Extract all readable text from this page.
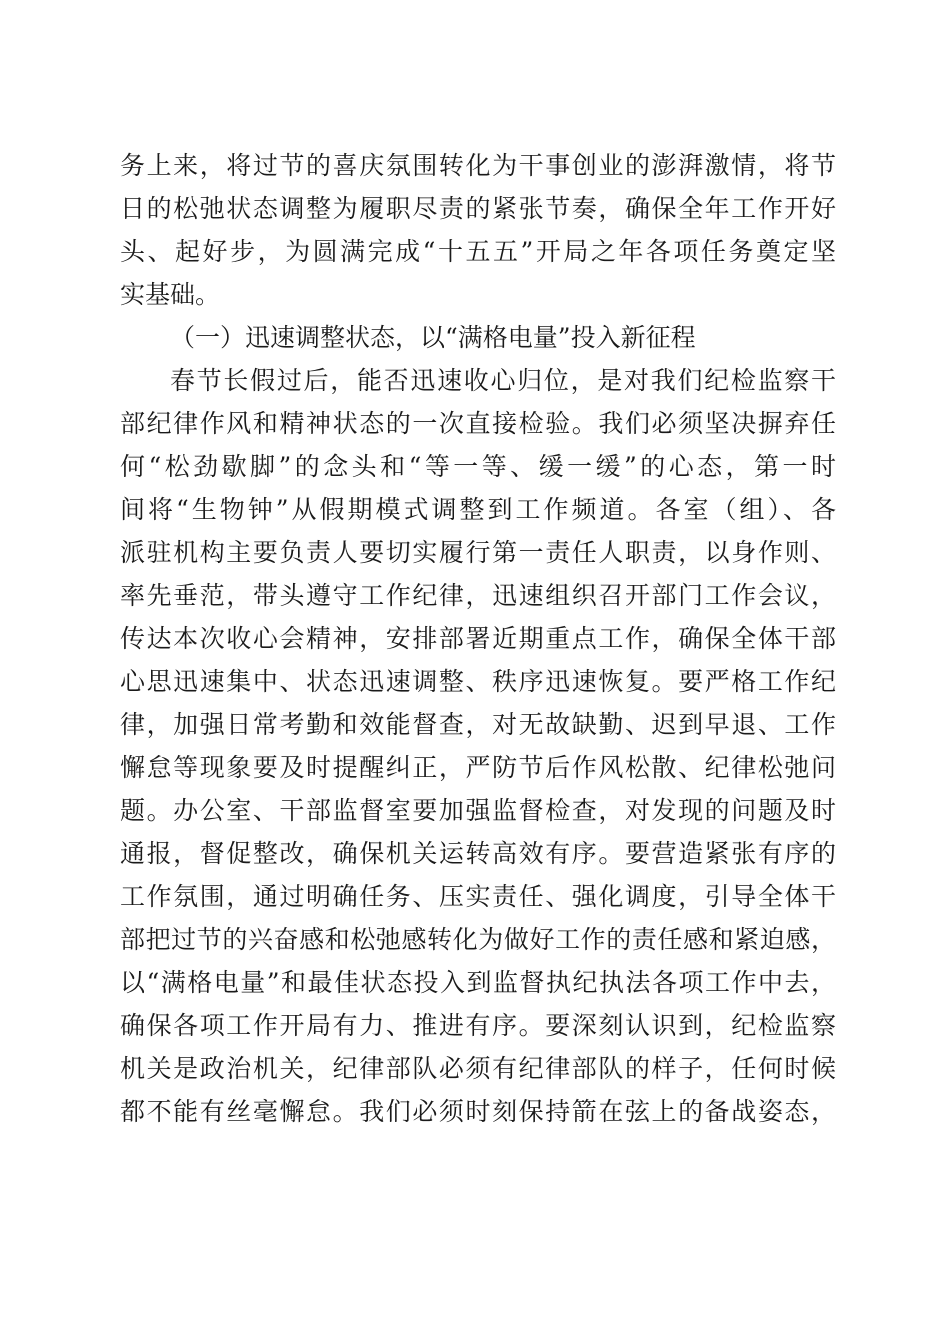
务上来，将过节的喜庆氛围转化为干事创业的澎湃激情，将节
日的松弛状态调整为履职尽责的紧张节奏，确保全年工作开好
头、起好步，为圆满完成“十五五”开局之年各项任务奠定坚
实基础。
（一）迅速调整状态，以“满格电量”投入新征程
春节长假过后，能否迅速收心归位，是对我们纪检监察干
部纪律作风和精神状态的一次直接检验。我们必须坚决摒弃任
何“松劲歇脚”的念头和“等一等、缓一缓”的心态，第一时
间将“生物钟”从假期模式调整到工作频道。各室（组）、各
派驻机构主要负责人要切实履行第一责任人职责，以身作则、
率先垂范，带头遵守工作纪律，迅速组织召开部门工作会议，
传达本次收心会精神，安排部署近期重点工作，确保全体干部
心思迅速集中、状态迅速调整、秩序迅速恢复。要严格工作纪
律，加强日常考勤和效能督查，对无故缺勤、迟到早退、工作
懈怠等现象要及时提醒纠正，严防节后作风松散、纪律松弛问
题。办公室、干部监督室要加强监督检查，对发现的问题及时
通报，督促整改，确保机关运转高效有序。要营造紧张有序的
工作氛围，通过明确任务、压实责任、强化调度，引导全体干
部把过节的兴奋感和松弛感转化为做好工作的责任感和紧迫感，
以“满格电量”和最佳状态投入到监督执纪执法各项工作中去，
确保各项工作开局有力、推进有序。要深刻认识到，纪检监察
机关是政治机关，纪律部队必须有纪律部队的样子，任何时候
都不能有丝毫懈怠。我们必须时刻保持箭在弦上的备战姿态，
